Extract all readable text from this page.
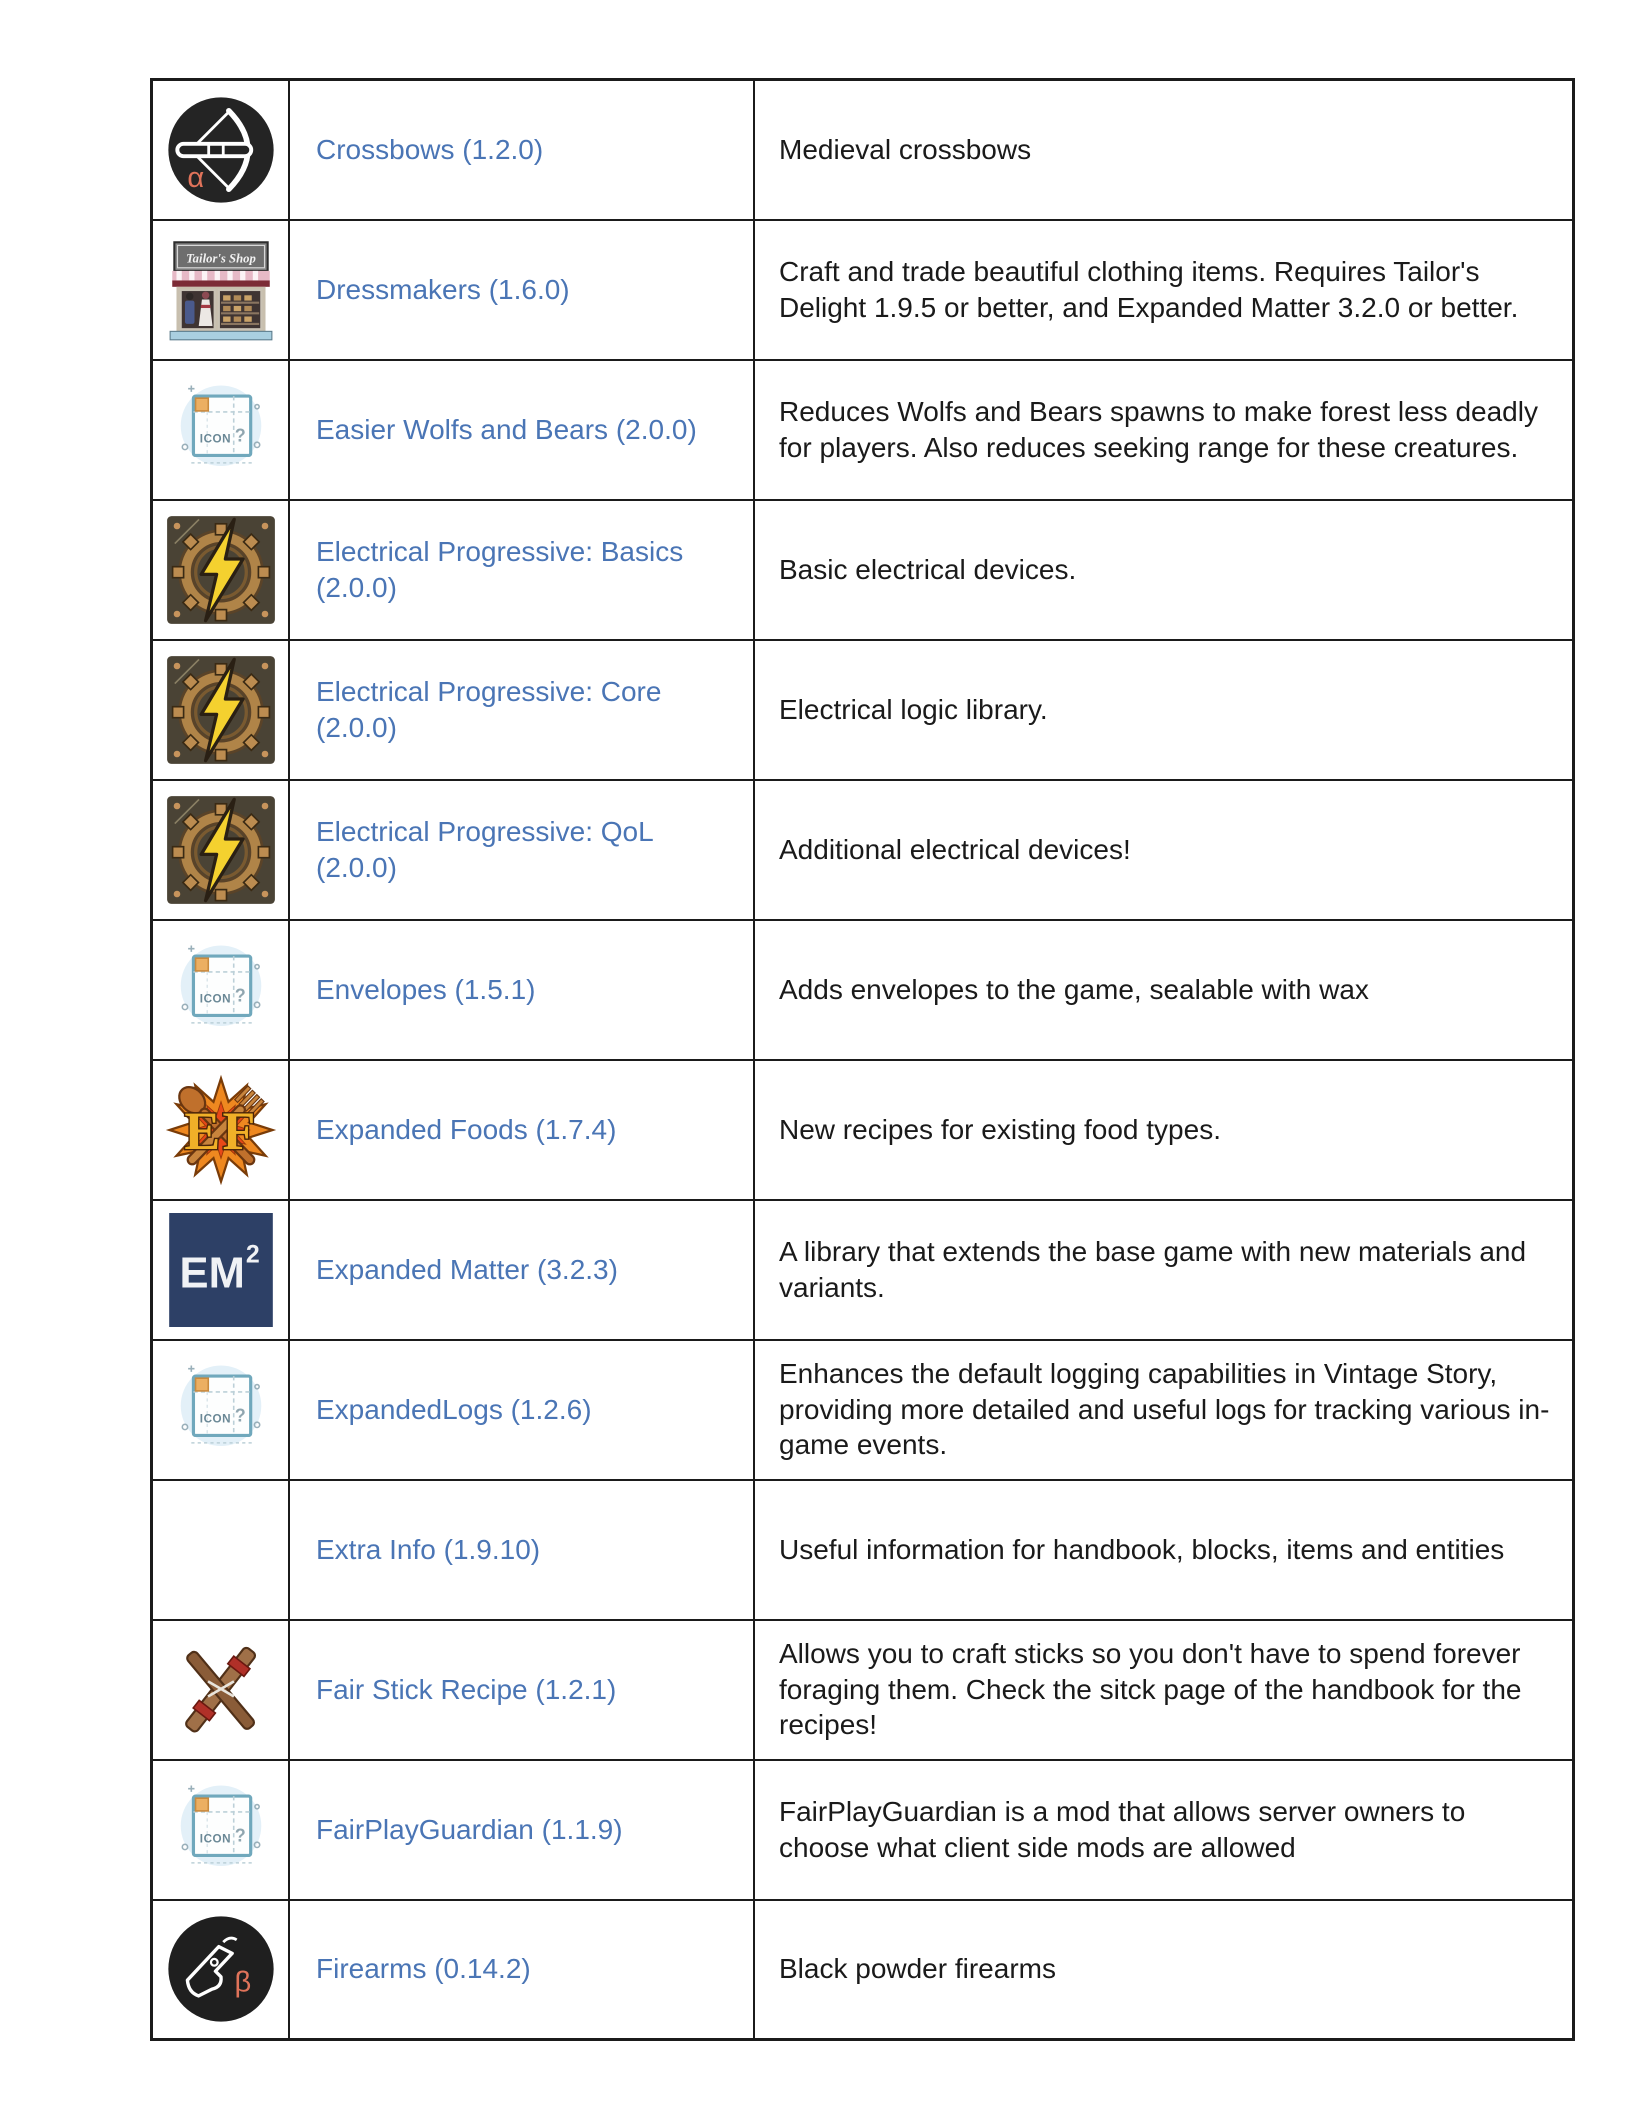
α	Crossbows (1.2.0)	Medieval crossbows

Tailor's Shop	Dressmakers (1.6.0)	Craft and trade beautiful clothing items. Requires Tailor's Delight 1.9.5 or better, and Expanded Matter 3.2.0 or better.

ICON ?	Easier Wolfs and Bears (2.0.0)	Reduces Wolfs and Bears spawns to make forest less deadly for players. Also reduces seeking range for these creatures.

	Electrical Progressive: Basics (2.0.0)	Basic electrical devices.

	Electrical Progressive: Core (2.0.0)	Electrical logic library.

	Electrical Progressive: QoL (2.0.0)	Additional electrical devices!

ICON ?	Envelopes (1.5.1)	Adds envelopes to the game, sealable with wax

EF	Expanded Foods (1.7.4)	New recipes for existing food types.

EM 2	Expanded Matter (3.2.3)	A library that extends the base game with new materials and variants.

ICON ?	ExpandedLogs (1.2.6)	Enhances the default logging capabilities in Vintage Story, providing more detailed and useful logs for tracking various in-game events.
	Extra Info (1.9.10)	Useful information for handbook, blocks, items and entities

	Fair Stick Recipe (1.2.1)	Allows you to craft sticks so you don't have to spend forever foraging them. Check the sitck page of the handbook for the recipes!

ICON ?	FairPlayGuardian (1.1.9)	FairPlayGuardian is a mod that allows server owners to choose what client side mods are allowed

β	Firearms (0.14.2)	Black powder firearms
